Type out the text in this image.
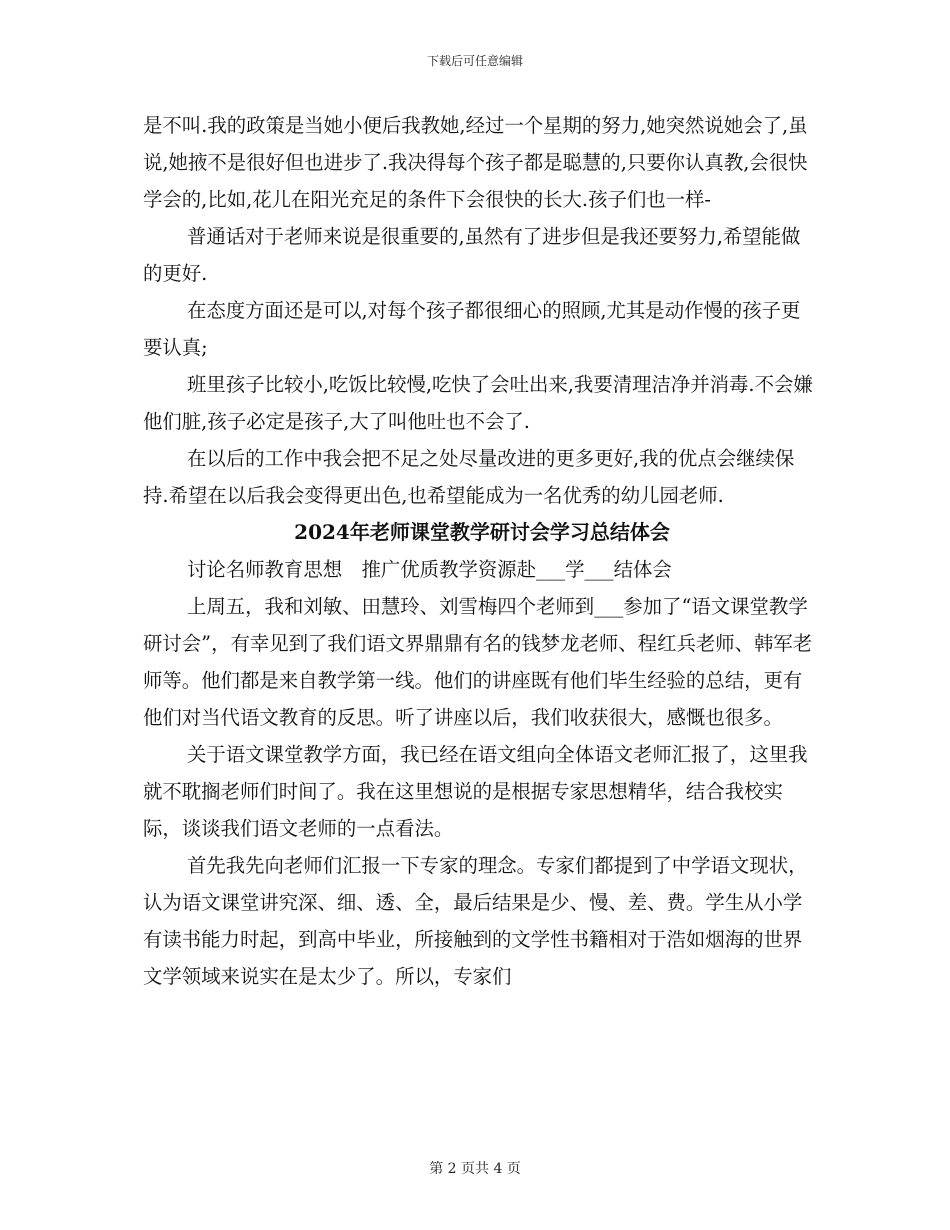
下载后可任意编辑

是不叫.我的政策是当她小便后我教她,经过一个星期的努力,她突然说她会了,虽说,她掖不是很好但也进步了.我决得每个孩子都是聪慧的,只要你认真教,会很快学会的,比如,花儿在阳光充足的条件下会很快的长大.孩子们也一样-

普通话对于老师来说是很重要的,虽然有了进步但是我还要努力,希望能做的更好.

在态度方面还是可以,对每个孩子都很细心的照顾,尤其是动作慢的孩子更要认真;

班里孩子比较小,吃饭比较慢,吃快了会吐出来,我要清理洁净并消毒.不会嫌他们脏,孩子必定是孩子,大了叫他吐也不会了.

在以后的工作中我会把不足之处尽量改进的更多更好,我的优点会继续保持.希望在以后我会变得更出色,也希望能成为一名优秀的幼儿园老师.

2024年老师课堂教学研讨会学习总结体会

讨论名师教育思想　推广优质教学资源赴___学___结体会

上周五，我和刘敏、田慧玲、刘雪梅四个老师到___参加了“语文课堂教学研讨会”，有幸见到了我们语文界鼎鼎有名的钱梦龙老师、程红兵老师、韩军老师等。他们都是来自教学第一线。他们的讲座既有他们毕生经验的总结，更有他们对当代语文教育的反思。听了讲座以后，我们收获很大，感慨也很多。

关于语文课堂教学方面，我已经在语文组向全体语文老师汇报了，这里我就不耽搁老师们时间了。我在这里想说的是根据专家思想精华，结合我校实际，谈谈我们语文老师的一点看法。

首先我先向老师们汇报一下专家的理念。专家们都提到了中学语文现状，认为语文课堂讲究深、细、透、全，最后结果是少、慢、差、费。学生从小学有读书能力时起，到高中毕业，所接触到的文学性书籍相对于浩如烟海的世界文学领域来说实在是太少了。所以，专家们

第 2 页共 4 页
